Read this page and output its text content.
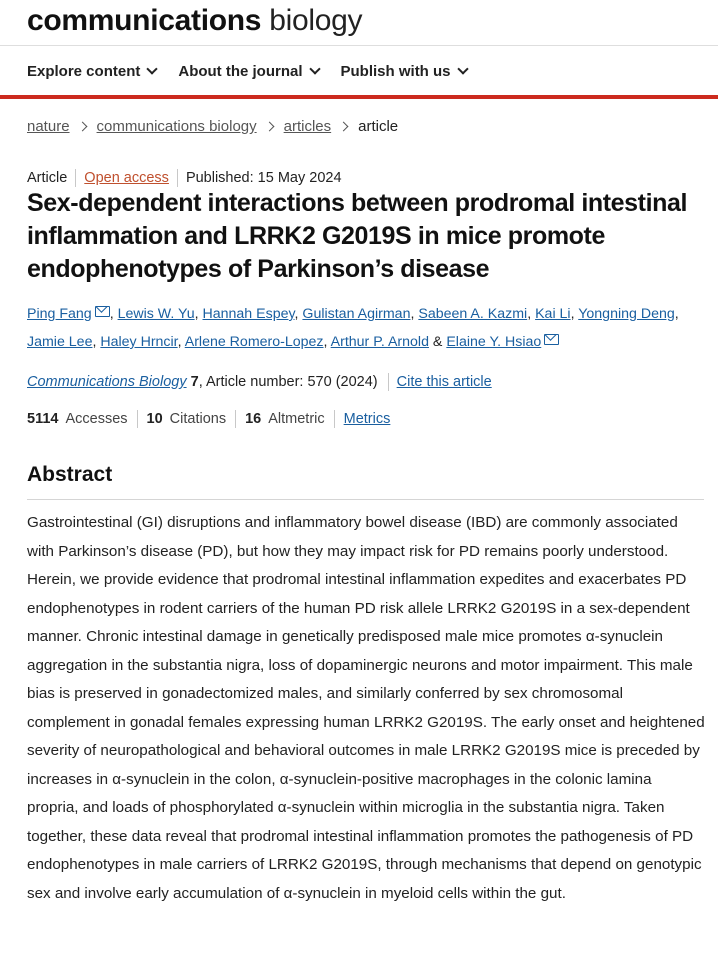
communications biology
Explore content	About the journal	Publish with us
nature communications biology articles article
Article Open access Published: 15 May 2024
Sex-dependent interactions between prodromal intestinal inflammation and LRRK2 G2019S in mice promote endophenotypes of Parkinson’s disease
Ping Fang , Lewis W. Yu, Hannah Espey, Gulistan Agirman, Sabeen A. Kazmi, Kai Li, Yongning Deng, Jamie Lee, Haley Hrncir, Arlene Romero-Lopez, Arthur P. Arnold & Elaine Y. Hsiao
Communications Biology
7 , Article number: 570 (2024) Cite this article
5114 Accesses 10 Citations 16 Altmetric Metrics
Abstract

Gastrointestinal (GI) disruptions and inflammatory bowel disease (IBD) are commonly associated with Parkinson’s disease (PD), but how they may impact risk for PD remains poorly understood. Herein, we provide evidence that prodromal intestinal inflammation expedites and exacerbates PD endophenotypes in rodent carriers of the human PD risk allele LRRK2 G2019S in a sex-dependent manner. Chronic intestinal damage in genetically predisposed male mice promotes α-synuclein aggregation in the substantia nigra, loss of dopaminergic neurons and motor impairment. This male bias is preserved in gonadectomized males, and similarly conferred by sex chromosomal complement in gonadal females expressing human LRRK2 G2019S. The early onset and heightened severity of neuropathological and behavioral outcomes in male LRRK2 G2019S mice is preceded by increases in α-synuclein in the colon, α-synuclein-positive macrophages in the colonic lamina propria, and loads of phosphorylated α-synuclein within microglia in the substantia nigra. Taken together, these data reveal that prodromal intestinal inflammation promotes the pathogenesis of PD endophenotypes in male carriers of LRRK2 G2019S, through mechanisms that depend on genotypic sex and involve early accumulation of α-synuclein in myeloid cells within the gut.
